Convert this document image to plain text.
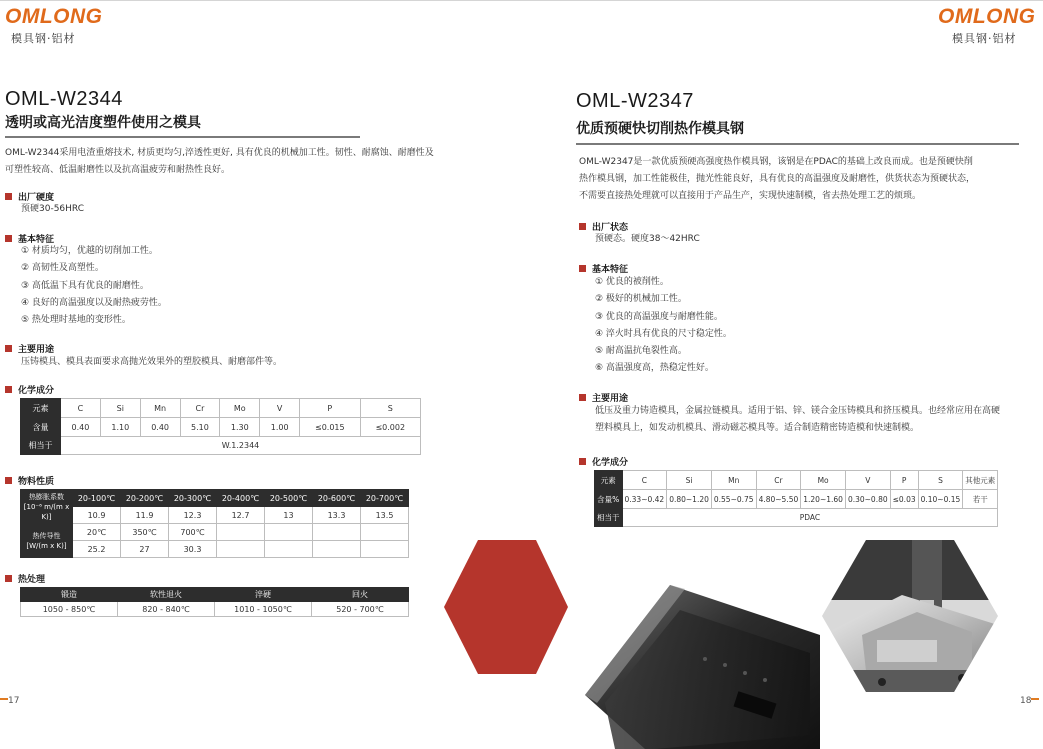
OMLONG
模具钢·铝材
OML-W2344
透明或高光洁度塑件使用之模具
OML-W2344采用电渣重熔技术, 材质更均匀,淬透性更好, 具有优良的机械加工性。韧性、耐腐蚀、耐磨性及
可塑性较高、低温耐磨性以及抗高温疲劳和耐热性良好。
出厂硬度
预硬30-56HRC
基本特征
① 材质均匀，优越的切削加工性。
② 高韧性及高塑性。
③ 高低温下具有优良的耐磨性。
④ 良好的高温强度以及耐热疲劳性。
⑤ 热处理时基地的变形性。
主要用途
压铸模具、模具表面要求高抛光效果外的塑胶模具、耐磨部件等。
化学成分
元素	C	Si	Mn	Cr	Mo	V	P	S
含量	0.40	1.10	0.40	5.10	1.30	1.00	≤0.015	≤0.002
相当于	W.1.2344							
物料性质
热膨胀系数
[10⁻⁶ m/(m x K)]	20-100℃	20-200℃	20-300℃	20-400℃	20-500℃	20-600℃	20-700℃
	10.9	11.9	12.3	12.7	13	13.3	13.5
热传导性
[W/(m x K)]	20℃	350℃	700℃				
	25.2	27	30.3				
热处理
锻造	软性退火	淬硬	回火
1050 - 850℃	820 - 840℃	1010 - 1050℃	520 - 700℃
17
OMLONG
模具钢·铝材
OML-W2347
优质预硬快切削热作模具钢
OML-W2347是一款优质预硬高强度热作模具钢，该钢是在PDAC的基础上改良而成。也是预硬快削
热作模具钢，加工性能极佳，抛光性能良好，具有优良的高温强度及耐磨性，供货状态为预硬状态，
不需要直接热处理就可以直接用于产品生产，实现快速制模，省去热处理工艺的烦琐。
出厂状态
预硬态。硬度38～42HRC
基本特征
① 优良的被削性。
② 极好的机械加工性。
③ 优良的高温强度与耐磨性能。
④ 淬火时具有优良的尺寸稳定性。
⑤ 耐高温抗龟裂性高。
⑥ 高温强度高，热稳定性好。
主要用途
低压及重力铸造模具，金属拉链模具。适用于铝、锌、镁合金压铸模具和挤压模具。也经常应用在高硬
塑料模具上，如发动机模具、滑动磁芯模具等。适合制造精密铸造模和快速制模。
化学成分
元素	C	Si	Mn	Cr	Mo	V	P	S	其他元素
含量%	0.33~0.42	0.80~1.20	0.55~0.75	4.80~5.50	1.20~1.60	0.30~0.80	≤0.03	0.10~0.15	若干
相当于	PDAC								
18
